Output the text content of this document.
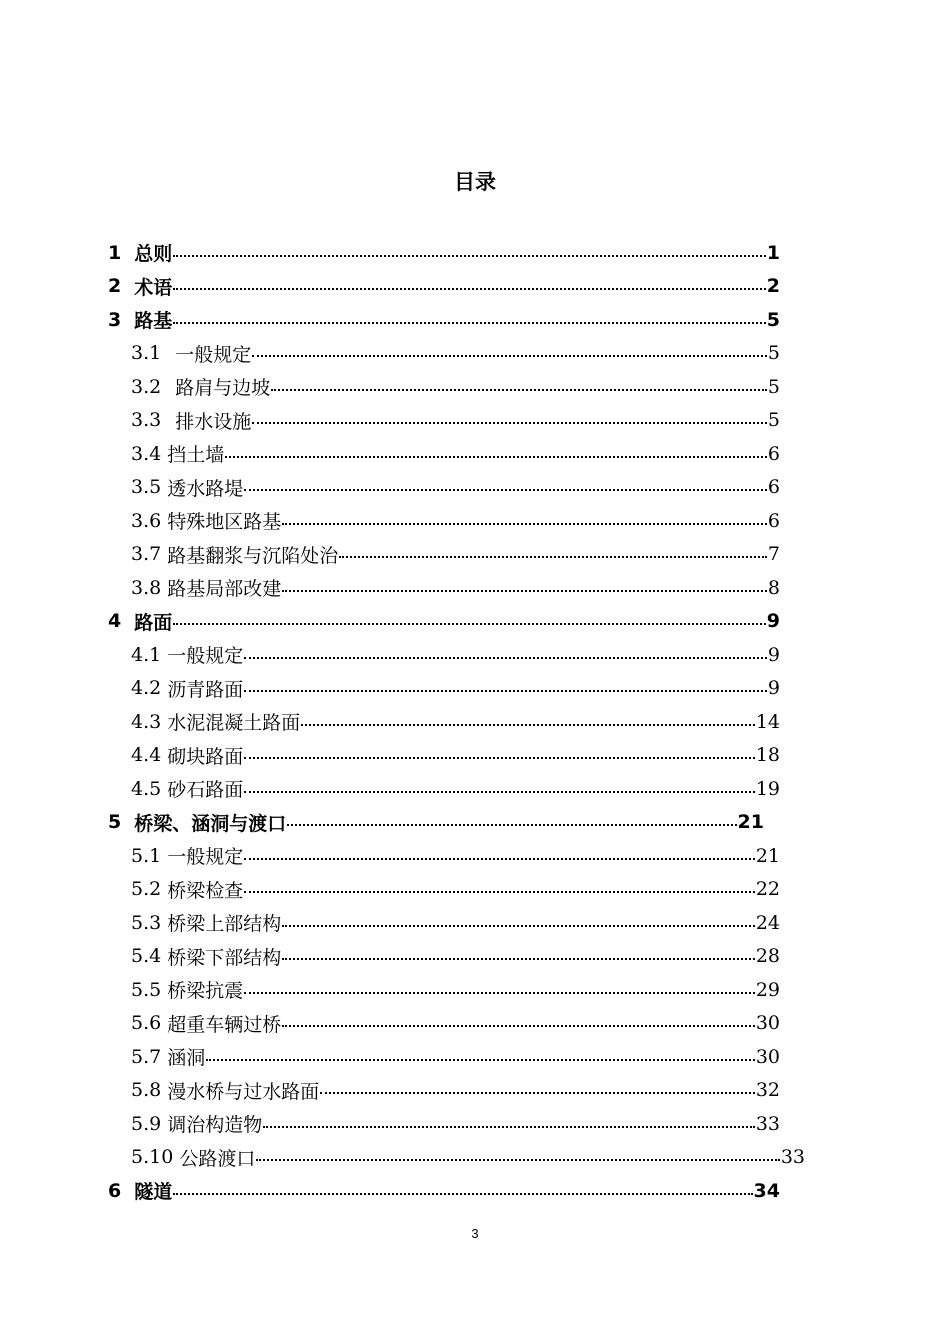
目录
1 总则	1
2 术语	2
3 路基	5
3.1 一般规定	5
3.2 路肩与边坡	5
3.3 排水设施	5
3.4 挡土墙	6
3.5 透水路堤	6
3.6 特殊地区路基	6
3.7 路基翻浆与沉陷处治	7
3.8 路基局部改建	8
4 路面	9
4.1 一般规定	9
4.2 沥青路面	9
4.3 水泥混凝土路面	14
4.4 砌块路面	18
4.5 砂石路面	19
5 桥梁、涵洞与渡口	21
5.1 一般规定	21
5.2 桥梁检查	22
5.3 桥梁上部结构	24
5.4 桥梁下部结构	28
5.5 桥梁抗震	29
5.6 超重车辆过桥	30
5.7 涵洞	30
5.8 漫水桥与过水路面	32
5.9 调治构造物	33
5.10 公路渡口	33
6 隧道	34
3
